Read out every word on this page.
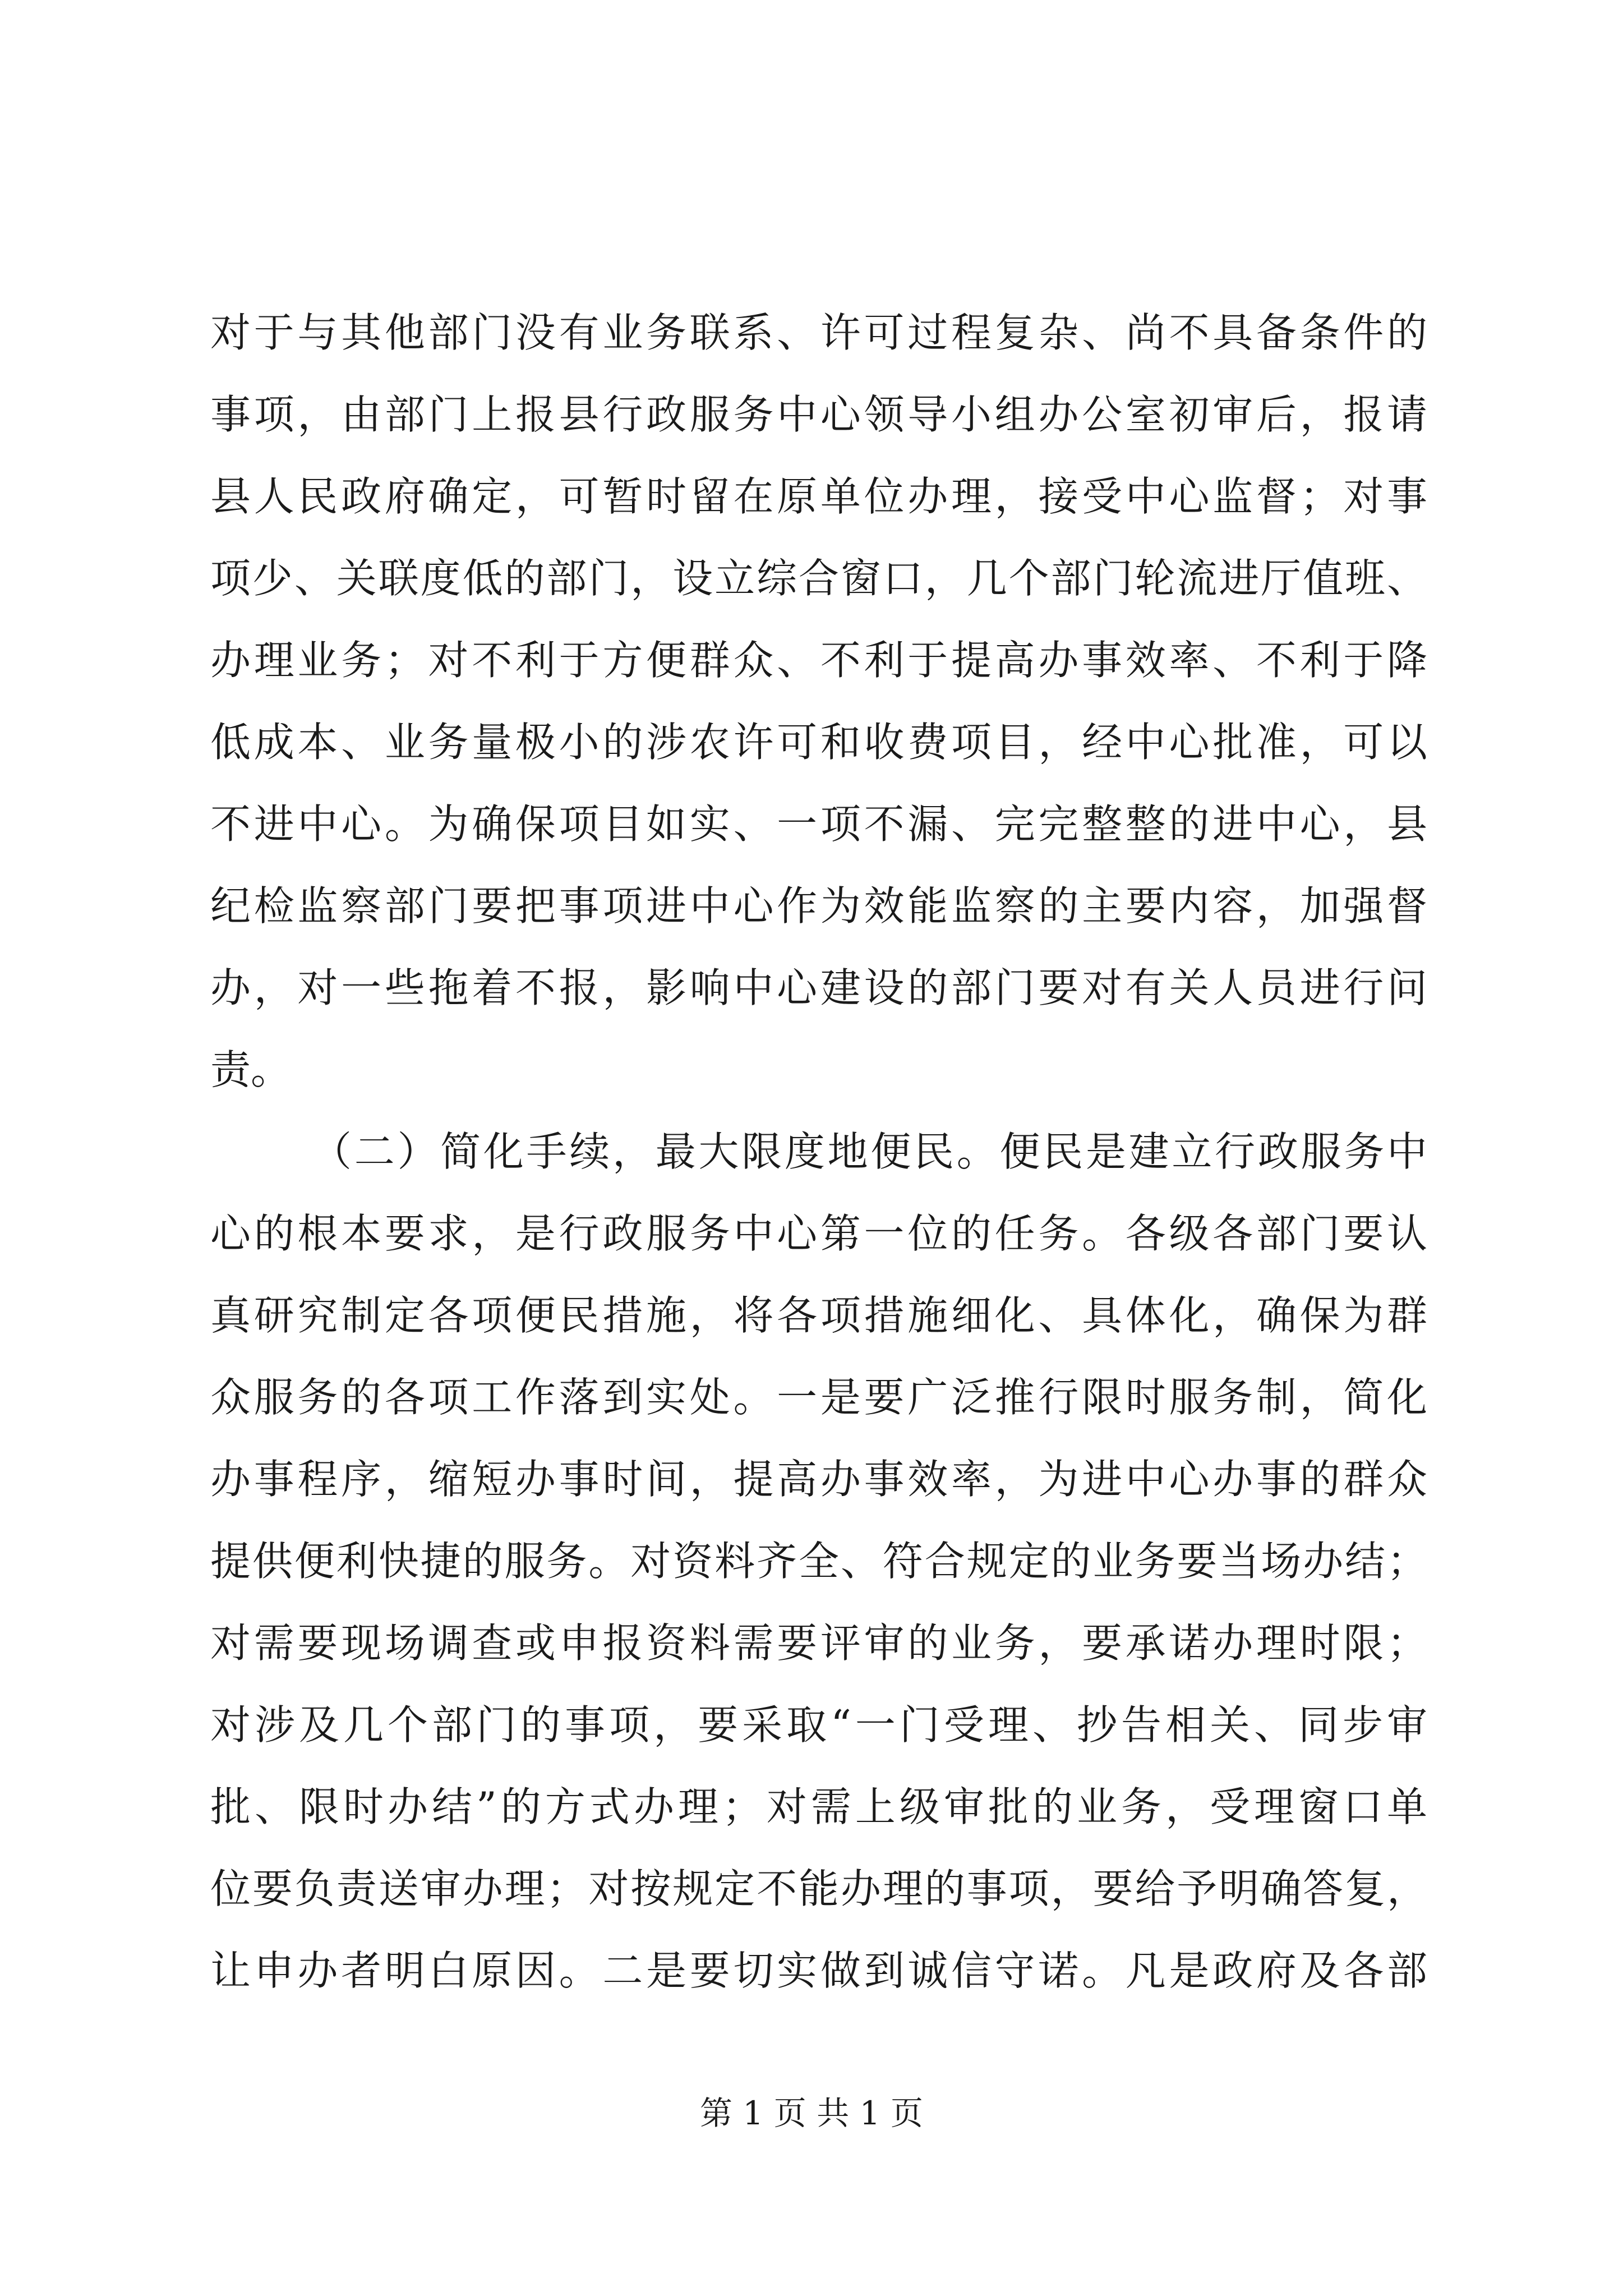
对于与其他部门没有业务联系、许可过程复杂、尚不具备条件的
事项，由部门上报县行政服务中心领导小组办公室初审后，报请
县人民政府确定，可暂时留在原单位办理，接受中心监督；对事
项少、关联度低的部门，设立综合窗口，几个部门轮流进厅值班、
办理业务；对不利于方便群众、不利于提高办事效率、不利于降
低成本、业务量极小的涉农许可和收费项目，经中心批准，可以
不进中心。为确保项目如实、一项不漏、完完整整的进中心，县
纪检监察部门要把事项进中心作为效能监察的主要内容，加强督
办，对一些拖着不报，影响中心建设的部门要对有关人员进行问
责。
（二）简化手续，最大限度地便民。便民是建立行政服务中
心的根本要求，是行政服务中心第一位的任务。各级各部门要认
真研究制定各项便民措施，将各项措施细化、具体化，确保为群
众服务的各项工作落到实处。一是要广泛推行限时服务制，简化
办事程序，缩短办事时间，提高办事效率，为进中心办事的群众
提供便利快捷的服务。对资料齐全、符合规定的业务要当场办结；
对需要现场调查或申报资料需要评审的业务，要承诺办理时限；
对涉及几个部门的事项，要采取“一门受理、抄告相关、同步审
批、限时办结”的方式办理；对需上级审批的业务，受理窗口单
位要负责送审办理；对按规定不能办理的事项，要给予明确答复，
让申办者明白原因。二是要切实做到诚信守诺。凡是政府及各部
第 1 页 共 1 页
